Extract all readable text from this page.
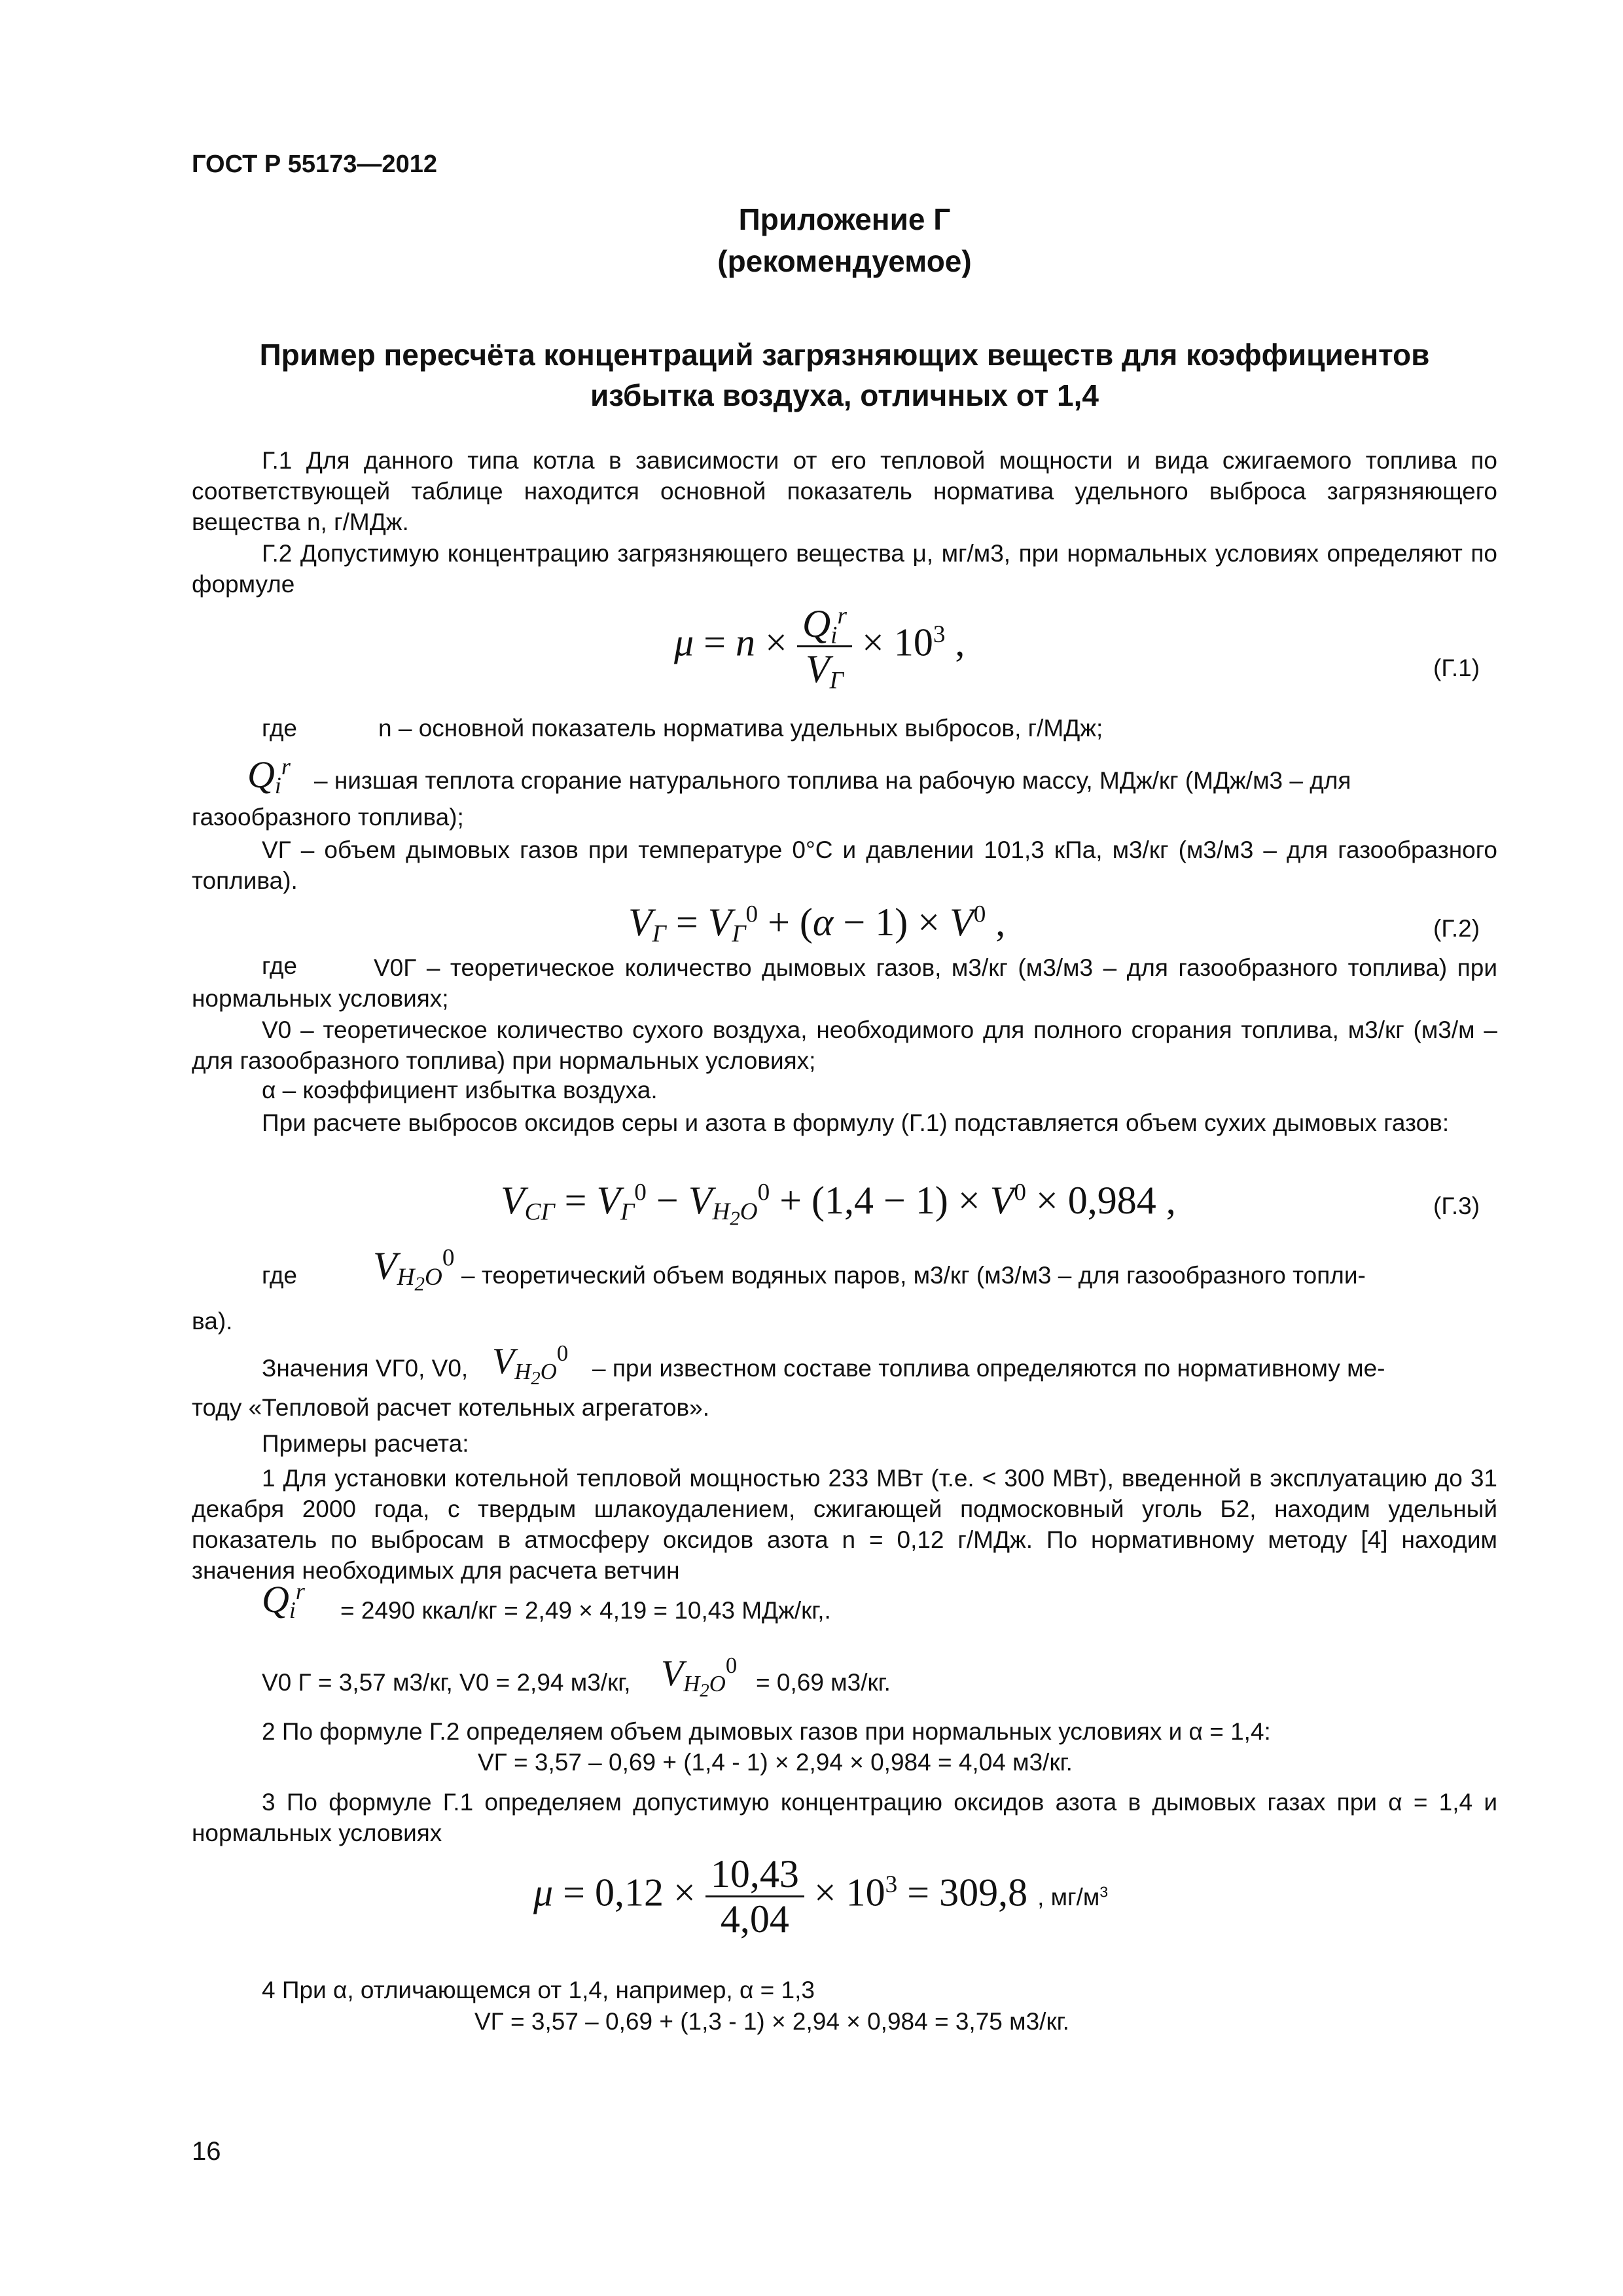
ГОСТ Р 55173—2012
Приложение Г
(рекомендуемое)
Пример пересчёта концентраций загрязняющих веществ для коэффициентов
избытка воздуха, отличных от 1,4
Г.1 Для данного типа котла в зависимости от его тепловой мощности и вида сжигаемого топлива по соответствующей таблице находится основной показатель норматива удельного выброса загрязняющего вещества n, г/МДж.
Г.2 Допустимую концентрацию загрязняющего вещества μ, мг/м3, при нормальных условиях определяют по формуле
$\mu = n \times \frac{Q_i^r}{V_Г} \times 10^3$ ,
(Г.1)
где	n – основной показатель норматива удельных выбросов, г/МДж;
$Q_i^r$
– низшая теплота сгорание натурального топлива на рабочую массу, МДж/кг (МДж/м3 – для
газообразного топлива);
VГ – объем дымовых газов при температуре 0°С и давлении 101,3 кПа, м3/кг (м3/м3 – для газообразного топлива).
$V_Г = V_Г^0 + (\alpha - 1) \times V^0$ ,	(Г.2)
где	V0Г – теоретическое количество дымовых газов, м3/кг (м3/м3 – для газообразного топлива) при нормальных условиях;
V0 – теоретическое количество сухого воздуха, необходимого для полного сгорания топлива, м3/кг (м3/м – для газообразного топлива) при нормальных условиях;
α – коэффициент избытка воздуха.
При расчете выбросов оксидов серы и азота в формулу (Г.1) подставляется объем сухих дымовых газов:
$V_{СГ} = V_Г^0 - V_{H_2O}^0 + (1,4 - 1) \times V^0 \times 0,984$ ,	(Г.3)
где $V_{H_2O}^0$
– теоретический объем водяных паров, м3/кг (м3/м3 – для газообразного топли-
ва).
Значения VГ0, V0, $V_{H_2O}^0$
– при известном составе топлива определяются по нормативному ме-
тоду «Тепловой расчет котельных агрегатов».
Примеры расчета:
1 Для установки котельной тепловой мощностью 233 МВт (т.е. < 300 МВт), введенной в эксплуатацию до 31 декабря 2000 года, с твердым шлакоудалением, сжигающей подмосковный уголь Б2, находим удельный показатель по выбросам в атмосферу оксидов азота n = 0,12 г/МДж. По нормативному методу [4] находим значения необходимых для расчета ветчин
$Q_i^r$
= 2490 ккал/кг = 2,49 × 4,19 = 10,43 МДж/кг,.
V0 Г = 3,57 м3/кг, V0 = 2,94 м3/кг, $V_{H_2O}^0$
= 0,69 м3/кг.
2 По формуле Г.2 определяем объем дымовых газов при нормальных условиях и α = 1,4:
VГ = 3,57 – 0,69 + (1,4 - 1) × 2,94 × 0,984 = 4,04 м3/кг.
3 По формуле Г.1 определяем допустимую концентрацию оксидов азота в дымовых газах при α = 1,4 и нормальных условиях
$\mu = 0,12 \times \frac{10,43}{4,04} \times 10^3 = 309,8$ , $мг/м^3$
4 При α, отличающемся от 1,4, например, α = 1,3
VГ = 3,57 – 0,69 + (1,3 - 1) × 2,94 × 0,984 = 3,75 м3/кг.
16
